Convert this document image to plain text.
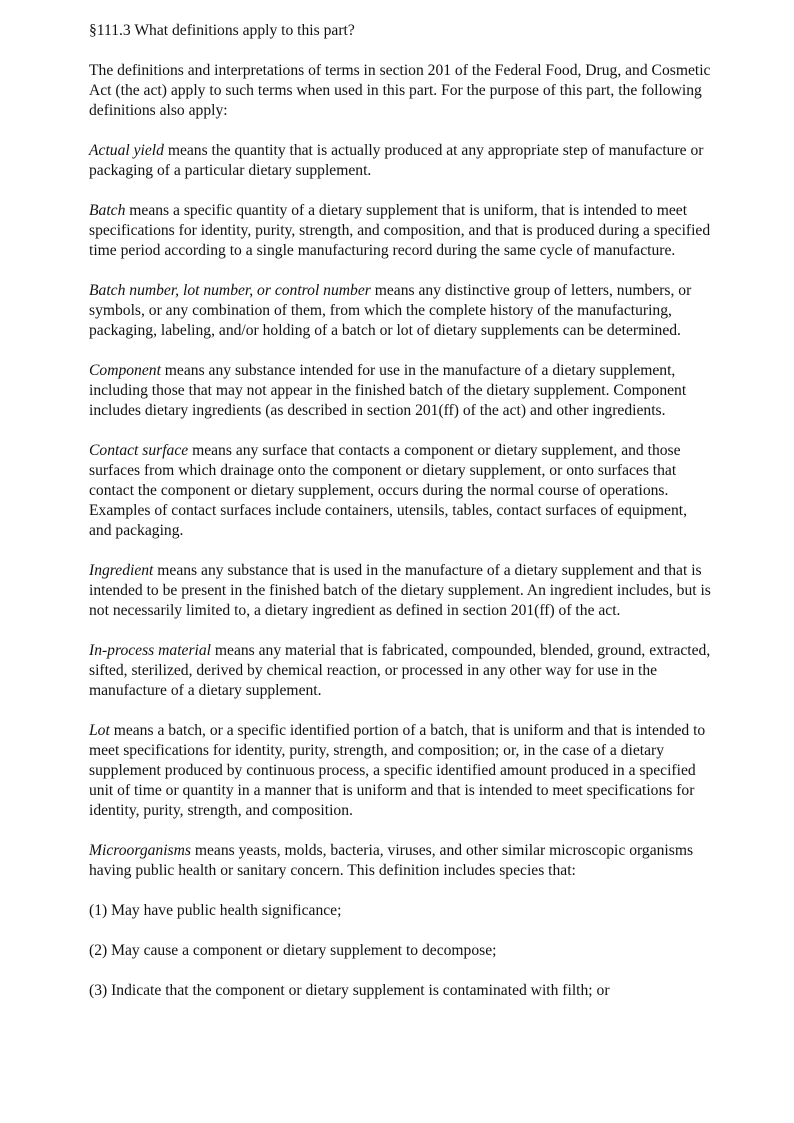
§111.3 What definitions apply to this part?

The definitions and interpretations of terms in section 201 of the Federal Food, Drug, and Cosmetic Act (the act) apply to such terms when used in this part. For the purpose of this part, the following definitions also apply:

Actual yield means the quantity that is actually produced at any appropriate step of manufacture or packaging of a particular dietary supplement.

Batch means a specific quantity of a dietary supplement that is uniform, that is intended to meet specifications for identity, purity, strength, and composition, and that is produced during a specified time period according to a single manufacturing record during the same cycle of manufacture.

Batch number, lot number, or control number means any distinctive group of letters, numbers, or symbols, or any combination of them, from which the complete history of the manufacturing, packaging, labeling, and/or holding of a batch or lot of dietary supplements can be determined.

Component means any substance intended for use in the manufacture of a dietary supplement, including those that may not appear in the finished batch of the dietary supplement. Component includes dietary ingredients (as described in section 201(ff) of the act) and other ingredients.

Contact surface means any surface that contacts a component or dietary supplement, and those surfaces from which drainage onto the component or dietary supplement, or onto surfaces that contact the component or dietary supplement, occurs during the normal course of operations. Examples of contact surfaces include containers, utensils, tables, contact surfaces of equipment, and packaging.

Ingredient means any substance that is used in the manufacture of a dietary supplement and that is intended to be present in the finished batch of the dietary supplement. An ingredient includes, but is not necessarily limited to, a dietary ingredient as defined in section 201(ff) of the act.

In-process material means any material that is fabricated, compounded, blended, ground, extracted, sifted, sterilized, derived by chemical reaction, or processed in any other way for use in the manufacture of a dietary supplement.

Lot means a batch, or a specific identified portion of a batch, that is uniform and that is intended to meet specifications for identity, purity, strength, and composition; or, in the case of a dietary supplement produced by continuous process, a specific identified amount produced in a specified unit of time or quantity in a manner that is uniform and that is intended to meet specifications for identity, purity, strength, and composition.

Microorganisms means yeasts, molds, bacteria, viruses, and other similar microscopic organisms having public health or sanitary concern. This definition includes species that:

(1) May have public health significance;

(2) May cause a component or dietary supplement to decompose;

(3) Indicate that the component or dietary supplement is contaminated with filth; or
